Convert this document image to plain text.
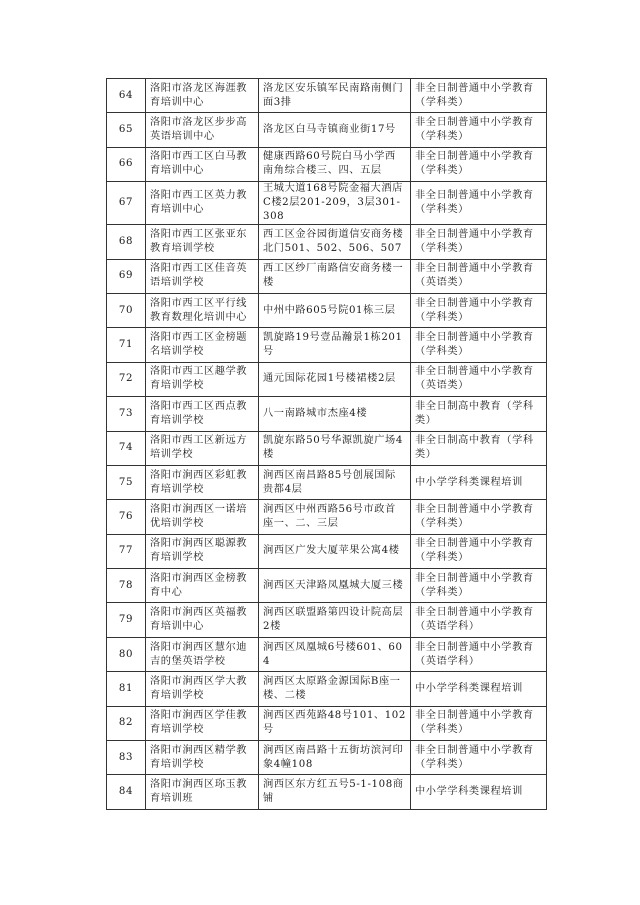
64	洛阳市洛龙区海涯教育培训中心	洛龙区安乐镇军民南路南侧门面3排	非全日制普通中小学教育（学科类）
65	洛阳市洛龙区步步高英语培训中心	洛龙区白马寺镇商业街17号	非全日制普通中小学教育（学科类）
66	洛阳市西工区白马教育培训中心	健康西路60号院白马小学西南角综合楼三、四、五层	非全日制普通中小学教育（学科类）
67	洛阳市西工区英力教育培训中心	王城大道168号院金福大酒店C楼2层201-209，3层301-308	非全日制普通中小学教育（学科类）
68	洛阳市西工区张亚东教育培训学校	西工区金谷园街道信安商务楼北门501、502、506、507	非全日制普通中小学教育（学科类）
69	洛阳市西工区佳音英语培训学校	西工区纱厂南路信安商务楼一楼	非全日制普通中小学教育（英语类）
70	洛阳市西工区平行线教育数理化培训中心	中州中路605号院01栋三层	非全日制普通中小学教育（学科类）
71	洛阳市西工区金榜题名培训学校	凯旋路19号壹品瀚景1栋201号	非全日制普通中小学教育（学科类）
72	洛阳市西工区趣学教育培训学校	通元国际花园1号楼裙楼2层	非全日制普通中小学教育（英语类）
73	洛阳市西工区西点教育培训学校	八一南路城市杰座4楼	非全日制高中教育（学科类）
74	洛阳市西工区新远方培训学校	凯旋东路50号华源凯旋广场4楼	非全日制高中教育（学科类）
75	洛阳市涧西区彩虹教育培训学校	涧西区南昌路85号创展国际贵都4层	中小学学科类课程培训
76	洛阳市涧西区一诺培优培训学校	涧西区中州西路56号市政首座一、二、三层	非全日制普通中小学教育（学科类）
77	洛阳市涧西区聪源教育培训学校	涧西区广发大厦苹果公寓4楼	非全日制普通中小学教育（学科类）
78	洛阳市涧西区金榜教育中心	涧西区天津路凤凰城大厦三楼	非全日制普通中小学教育（学科类）
79	洛阳市涧西区英福教育培训中心	涧西区联盟路第四设计院高层2楼	非全日制普通中小学教育（英语学科）
80	洛阳市涧西区慧尔迪吉的堡英语学校	涧西区凤凰城6号楼601、604	非全日制普通中小学教育（英语学科）
81	洛阳市涧西区学大教育培训学校	涧西区太原路金源国际B座一楼、二楼	中小学学科类课程培训
82	洛阳市涧西区学佳教育培训学校	涧西区西苑路48号101、102号	非全日制普通中小学教育（学科类）
83	洛阳市涧西区精学教育培训学校	涧西区南昌路十五街坊滨河印象4幢108	非全日制普通中小学教育（学科类）
84	洛阳市涧西区珎玉教育培训班	涧西区东方红五号5-1-108商铺	中小学学科类课程培训
